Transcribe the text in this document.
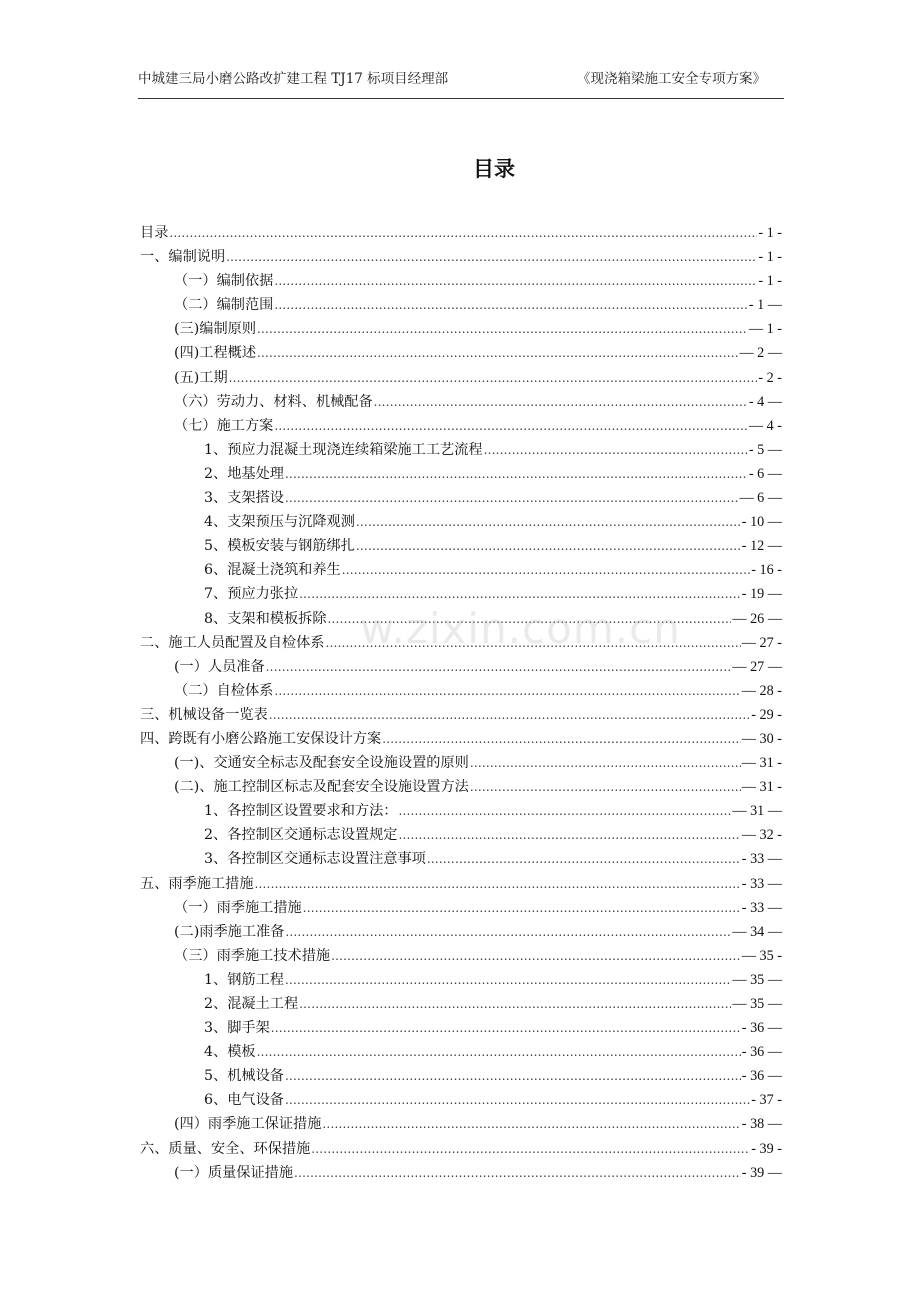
中城建三局小磨公路改扩建工程 TJ17 标项目经理部	《现浇箱梁施工安全专项方案》
目录
目录 .....	- 1 -
一、编制说明 .....	- 1 -
（一）编制依据 .....	- 1 -
（二）编制范围 .....	- 1 —
(三)编制原则 .....	— 1 -
(四)工程概述 .....	— 2 —
(五)工期 .....	- 2 -
（六）劳动力、材料、机械配备 .....	- 4 —
（七）施工方案 .....	— 4 -
1、预应力混凝土现浇连续箱梁施工工艺流程 .....	- 5 —
2、地基处理 .....	- 6 —
3、支架搭设 .....	— 6 —
4、支架预压与沉降观测 .....	- 10 —
5、模板安装与钢筋绑扎 .....	- 12 —
6、混凝土浇筑和养生 .....	- 16 -
7、预应力张拉 .....	- 19 —
8、支架和模板拆除 .....	— 26 —
二、施工人员配置及自检体系 .....	— 27 -
(一）人员准备 .....	— 27 —
（二）自检体系 .....	— 28 -
三、机械设备一览表 .....	- 29 -
四、跨既有小磨公路施工安保设计方案 .....	— 30 -
(一)、交通安全标志及配套安全设施设置的原则 .....	— 31 -
(二)、施工控制区标志及配套安全设施设置方法 .....	— 31 -
1、各控制区设置要求和方法： .....	— 31 —
2、各控制区交通标志设置规定 .....	— 32 -
3、各控制区交通标志设置注意事项 .....	- 33 —
五、雨季施工措施 .....	- 33 —
（一）雨季施工措施 .....	- 33 —
(二)雨季施工准备 .....	— 34 —
（三）雨季施工技术措施 .....	— 35 -
1、钢筋工程 .....	— 35 —
2、混凝土工程 .....	— 35 —
3、脚手架 .....	- 36 —
4、模板 .....	- 36 —
5、机械设备 .....	- 36 —
6、电气设备 .....	- 37 -
(四）雨季施工保证措施 .....	- 38 —
六、质量、安全、环保措施 .....	- 39 -
(一）质量保证措施 .....	- 39 —
w.zixin.com.cn
